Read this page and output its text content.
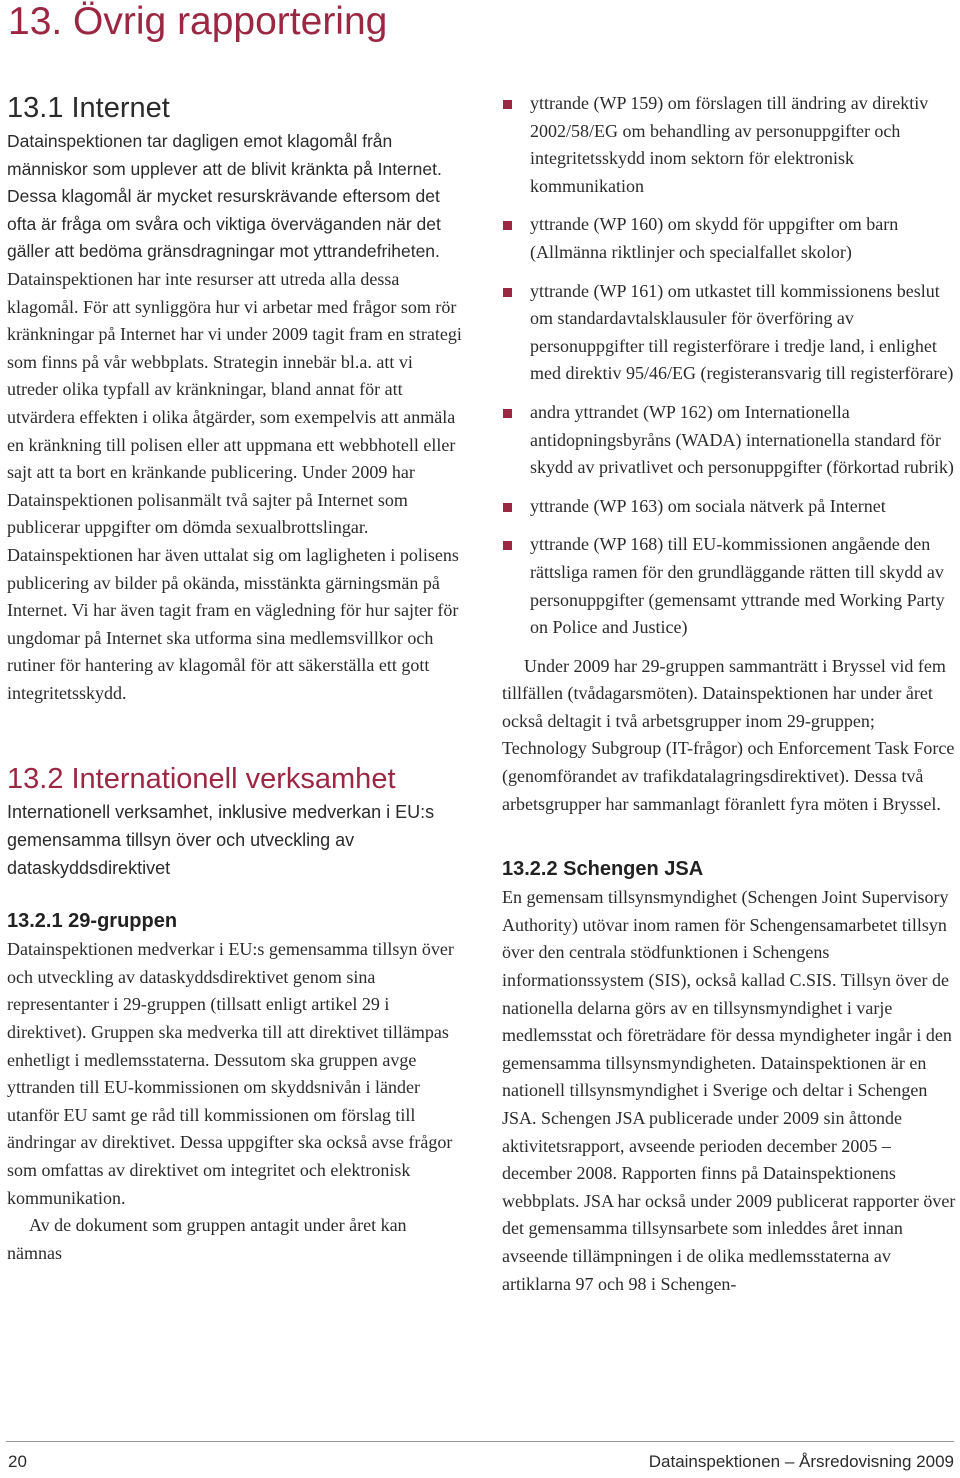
13. Övrig rapportering
13.1 Internet

Datainspektionen tar dagligen emot klagomål från människor som upplever att de blivit kränkta på Internet. Dessa klagomål är mycket resurskrävande eftersom det ofta är fråga om svåra och viktiga överväganden när det gäller att bedöma gränsdragningar mot yttrandefriheten. Datainspektionen har inte resurser att utreda alla dessa klagomål. För att synliggöra hur vi arbetar med frågor som rör kränkningar på Internet har vi under 2009 tagit fram en strategi som finns på vår webbplats. Strategin innebär bl.a. att vi utreder olika typfall av kränkningar, bland annat för att utvärdera effekten i olika åtgärder, som exempelvis att anmäla en kränkning till polisen eller att uppmana ett webbhotell eller sajt att ta bort en kränkande publicering. Under 2009 har Datainspektionen polisanmält två sajter på Internet som publicerar uppgifter om dömda sexualbrottslingar. Datainspektionen har även uttalat sig om lagligheten i polisens publicering av bilder på okända, misstänkta gärningsmän på Internet. Vi har även tagit fram en vägledning för hur sajter för ungdomar på Internet ska utforma sina medlemsvillkor och rutiner för hantering av klagomål för att säkerställa ett gott integritetsskydd.

13.2 Internationell verksamhet

Internationell verksamhet, inklusive medverkan i EU:s gemensamma tillsyn över och utveckling av dataskyddsdirektivet

13.2.1 29-gruppen

Datainspektionen medverkar i EU:s gemensamma tillsyn över och utveckling av dataskyddsdirektivet genom sina representanter i 29-gruppen (tillsatt enligt artikel 29 i direktivet). Gruppen ska medverka till att direktivet tillämpas enhetligt i medlemsstaterna. Dessutom ska gruppen avge yttranden till EU-kommissionen om skyddsnivån i länder utanför EU samt ge råd till kommissionen om förslag till ändringar av direktivet. Dessa uppgifter ska också avse frågor som omfattas av direktivet om integritet och elektronisk kommunikation.

Av de dokument som gruppen antagit under året kan nämnas

yttrande (WP 159) om förslagen till ändring av direktiv 2002/58/EG om behandling av personuppgifter och integritetsskydd inom sektorn för elektronisk kommunikation
yttrande (WP 160) om skydd för uppgifter om barn (Allmänna riktlinjer och specialfallet skolor)
yttrande (WP 161) om utkastet till kommissionens beslut om standardavtalsklausuler för överföring av personuppgifter till registerförare i tredje land, i enlighet med direktiv 95/46/EG (registeransvarig till registerförare)
andra yttrandet (WP 162) om Internationella antidopningsbyråns (WADA) internationella standard för skydd av privatlivet och personuppgifter (förkortad rubrik)
yttrande (WP 163) om sociala nätverk på Internet
yttrande (WP 168) till EU-kommissionen angående den rättsliga ramen för den grundläggande rätten till skydd av personuppgifter (gemensamt yttrande med Working Party on Police and Justice)

Under 2009 har 29-gruppen sammanträtt i Bryssel vid fem tillfällen (tvådagarsmöten). Datainspektionen har under året också deltagit i två arbetsgrupper inom 29-gruppen; Technology Subgroup (IT-frågor) och Enforcement Task Force (genomförandet av trafikdatalagringsdirektivet). Dessa två arbetsgrupper har sammanlagt föranlett fyra möten i Bryssel.

13.2.2 Schengen JSA

En gemensam tillsynsmyndighet (Schengen Joint Supervisory Authority) utövar inom ramen för Schengensamarbetet tillsyn över den centrala stödfunktionen i Schengens informationssystem (SIS), också kallad C.SIS. Tillsyn över de nationella delarna görs av en tillsynsmyndighet i varje medlemsstat och företrädare för dessa myndigheter ingår i den gemensamma tillsynsmyndigheten. Datainspektionen är en nationell tillsynsmyndighet i Sverige och deltar i Schengen JSA. Schengen JSA publicerade under 2009 sin åttonde aktivitetsrapport, avseende perioden december 2005 – december 2008. Rapporten finns på Datainspektionens webbplats. JSA har också under 2009 publicerat rapporter över det gemensamma tillsynsarbete som inleddes året innan avseende tillämpningen i de olika medlemsstaterna av artiklarna 97 och 98 i Schengen-

20	Datainspektionen – Årsredovisning 2009
